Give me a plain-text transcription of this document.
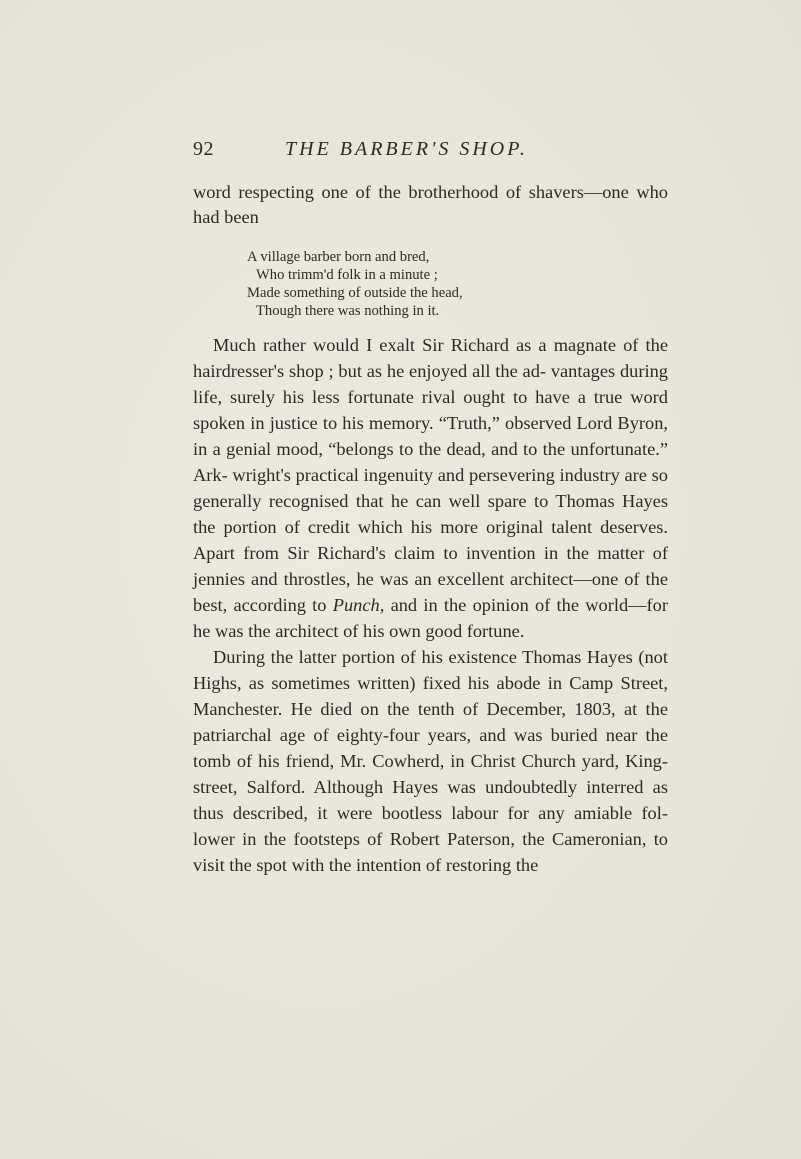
92	THE BARBER'S SHOP.

word respecting one of the brotherhood of shavers—one who had been

A village barber born and bred,
Who trimm'd folk in a minute ;
Made something of outside the head,
Though there was nothing in it.

Much rather would I exalt Sir Richard as a magnate of the hairdresser's shop ; but as he enjoyed all the ad- vantages during life, surely his less fortunate rival ought to have a true word spoken in justice to his memory. “Truth,” observed Lord Byron, in a genial mood, “belongs to the dead, and to the unfortunate.” Ark- wright's practical ingenuity and persevering industry are so generally recognised that he can well spare to Thomas Hayes the portion of credit which his more original talent deserves. Apart from Sir Richard's claim to invention in the matter of jennies and throstles, he was an excellent architect—one of the best, according to Punch, and in the opinion of the world—for he was the architect of his own good fortune.

During the latter portion of his existence Thomas Hayes (not Highs, as sometimes written) fixed his abode in Camp Street, Manchester. He died on the tenth of December, 1803, at the patriarchal age of eighty-four years, and was buried near the tomb of his friend, Mr. Cowherd, in Christ Church yard, King-street, Salford. Although Hayes was undoubtedly interred as thus described, it were bootless labour for any amiable fol- lower in the footsteps of Robert Paterson, the Cameronian, to visit the spot with the intention of restoring the
